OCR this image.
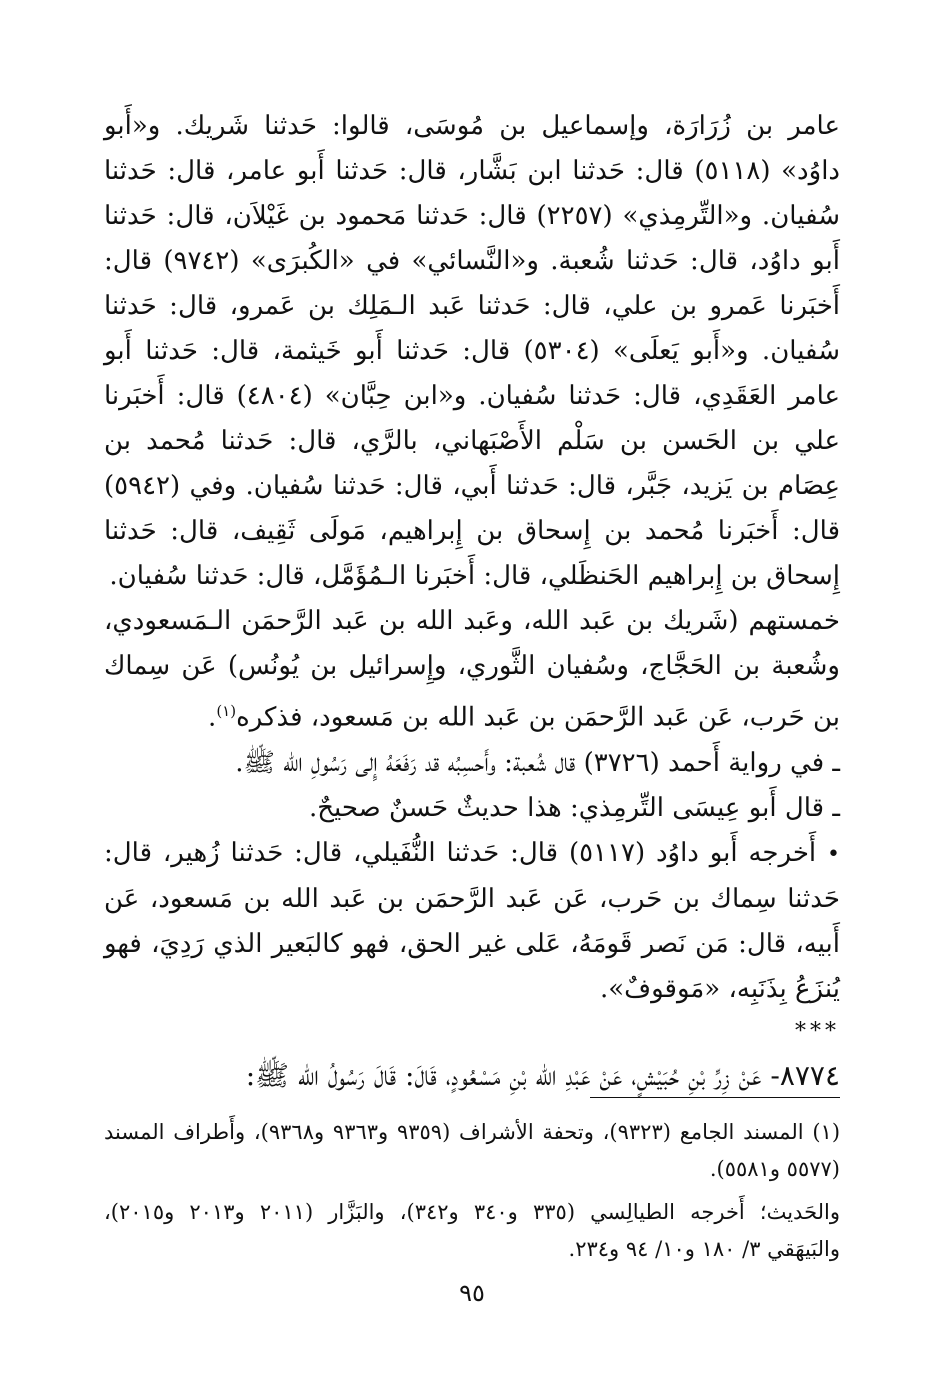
عامر بن زُرَارَة، وإسماعيل بن مُوسَى، قالوا: حَدثنا شَريك. و«أَبو داوُد» (٥١١٨) قال: حَدثنا ابن بَشَّار، قال: حَدثنا أَبو عامر، قال: حَدثنا سُفيان. و«التِّرمِذي» (٢٢٥٧) قال: حَدثنا مَحمود بن غَيْلاَن، قال: حَدثنا أَبو داوُد، قال: حَدثنا شُعبة. و«النَّسائي» في «الكُبرَى» (٩٧٤٢) قال: أَخبَرنا عَمرو بن علي، قال: حَدثنا عَبد الـمَلِك بن عَمرو، قال: حَدثنا سُفيان. و«أَبو يَعلَى» (٥٣٠٤) قال: حَدثنا أَبو خَيثمة، قال: حَدثنا أَبو عامر العَقَدِي، قال: حَدثنا سُفيان. و«ابن حِبَّان» (٤٨٠٤) قال: أَخبَرنا علي بن الحَسن بن سَلْم الأَصْبَهاني، بالرَّي، قال: حَدثنا مُحمد بن عِصَام بن يَزيد، جَبَّر، قال: حَدثنا أَبي، قال: حَدثنا سُفيان. وفي (٥٩٤٢) قال: أَخبَرنا مُحمد بن إِسحاق بن إِبراهيم، مَولَى ثَقِيف، قال: حَدثنا إِسحاق بن إِبراهيم الحَنظَلي، قال: أَخبَرنا الـمُؤَمَّل، قال: حَدثنا سُفيان.

خمستهم (شَريك بن عَبد الله، وعَبد الله بن عَبد الرَّحمَن الـمَسعودي، وشُعبة بن الحَجَّاج، وسُفيان الثَّوري، وإِسرائيل بن يُونُس) عَن سِماك بن حَرب، عَن عَبد الرَّحمَن بن عَبد الله بن مَسعود، فذكره$^{(١)}$.

ـ في رواية أَحمد (٣٧٢٦) قال شُعبة: وأَحسِبُه قد رَفَعَهُ إِلى رَسُولِ الله ﷺ.

ـ قال أَبو عِيسَى التِّرمِذي: هذا حديثٌ حَسنٌ صحيحٌ.

• أَخرجه أَبو داوُد (٥١١٧) قال: حَدثنا النُّفَيلي، قال: حَدثنا زُهير، قال: حَدثنا سِماك بن حَرب، عَن عَبد الرَّحمَن بن عَبد الله بن مَسعود، عَن أَبيه، قال: مَن نَصر قَومَهُ، عَلى غير الحق، فهو كالبَعير الذي رَدِيَ، فهو يُنزَعُ بِذَنَبِه، «مَوقوفٌ».

***

٨٧٧٤- عَنْ زِرِّ بْنِ حُبَيْشٍ، عَنْ عَبْدِ الله بْنِ مَسْعُودٍ، قَالَ: قَالَ رَسُولُ الله ﷺ:

(١) المسند الجامع (٩٣٢٣)، وتحفة الأشراف (٩٣٥٩ و٩٣٦٣ و٩٣٦٨)، وأَطراف المسند (٥٥٧٧ و٥٥٨١).

والحَديث؛ أَخرجه الطيالِسي (٣٣٥ و٣٤٠ و٣٤٢)، والبَزَّار (٢٠١١ و٢٠١٣ و٢٠١٥)، والبَيهَقي ٣/ ١٨٠ و١٠/ ٩٤ و٢٣٤.

٩٥
